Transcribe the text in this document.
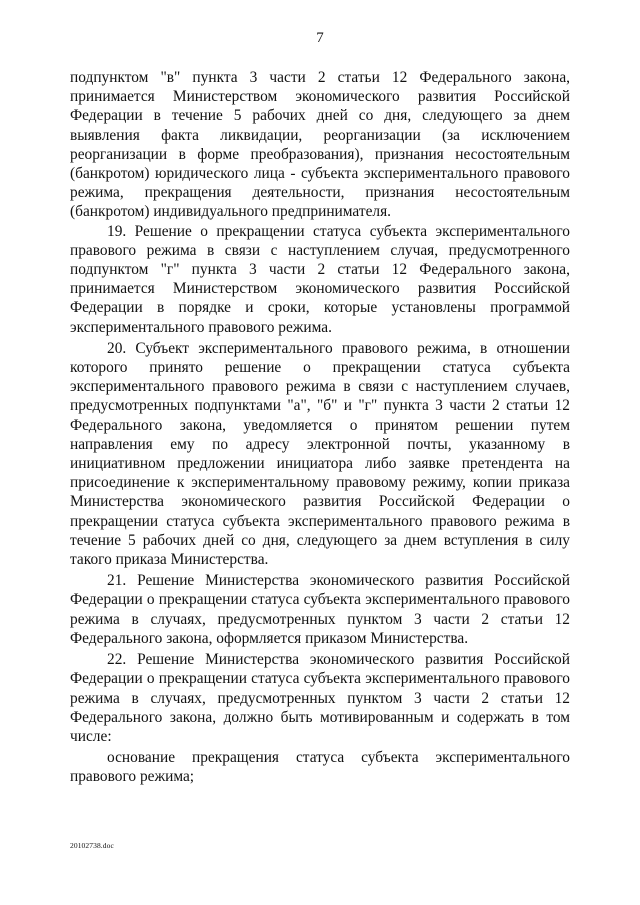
7

подпунктом "в" пункта 3 части 2 статьи 12 Федерального закона, принимается Министерством экономического развития Российской Федерации в течение 5 рабочих дней со дня, следующего за днем выявления факта ликвидации, реорганизации (за исключением реорганизации в форме преобразования), признания несостоятельным (банкротом) юридического лица - субъекта экспериментального правового режима, прекращения деятельности, признания несостоятельным (банкротом) индивидуального предпринимателя.

19. Решение о прекращении статуса субъекта экспериментального правового режима в связи с наступлением случая, предусмотренного подпунктом "г" пункта 3 части 2 статьи 12 Федерального закона, принимается Министерством экономического развития Российской Федерации в порядке и сроки, которые установлены программой экспериментального правового режима.

20. Субъект экспериментального правового режима, в отношении которого принято решение о прекращении статуса субъекта экспериментального правового режима в связи с наступлением случаев, предусмотренных подпунктами "а", "б" и "г" пункта 3 части 2 статьи 12 Федерального закона, уведомляется о принятом решении путем направления ему по адресу электронной почты, указанному в инициативном предложении инициатора либо заявке претендента на присоединение к экспериментальному правовому режиму, копии приказа Министерства экономического развития Российской Федерации о прекращении статуса субъекта экспериментального правового режима в течение 5 рабочих дней со дня, следующего за днем вступления в силу такого приказа Министерства.

21. Решение Министерства экономического развития Российской Федерации о прекращении статуса субъекта экспериментального правового режима в случаях, предусмотренных пунктом 3 части 2 статьи 12 Федерального закона, оформляется приказом Министерства.

22. Решение Министерства экономического развития Российской Федерации о прекращении статуса субъекта экспериментального правового режима в случаях, предусмотренных пунктом 3 части 2 статьи 12 Федерального закона, должно быть мотивированным и содержать в том числе:

основание прекращения статуса субъекта экспериментального правового режима;

20102738.doc
